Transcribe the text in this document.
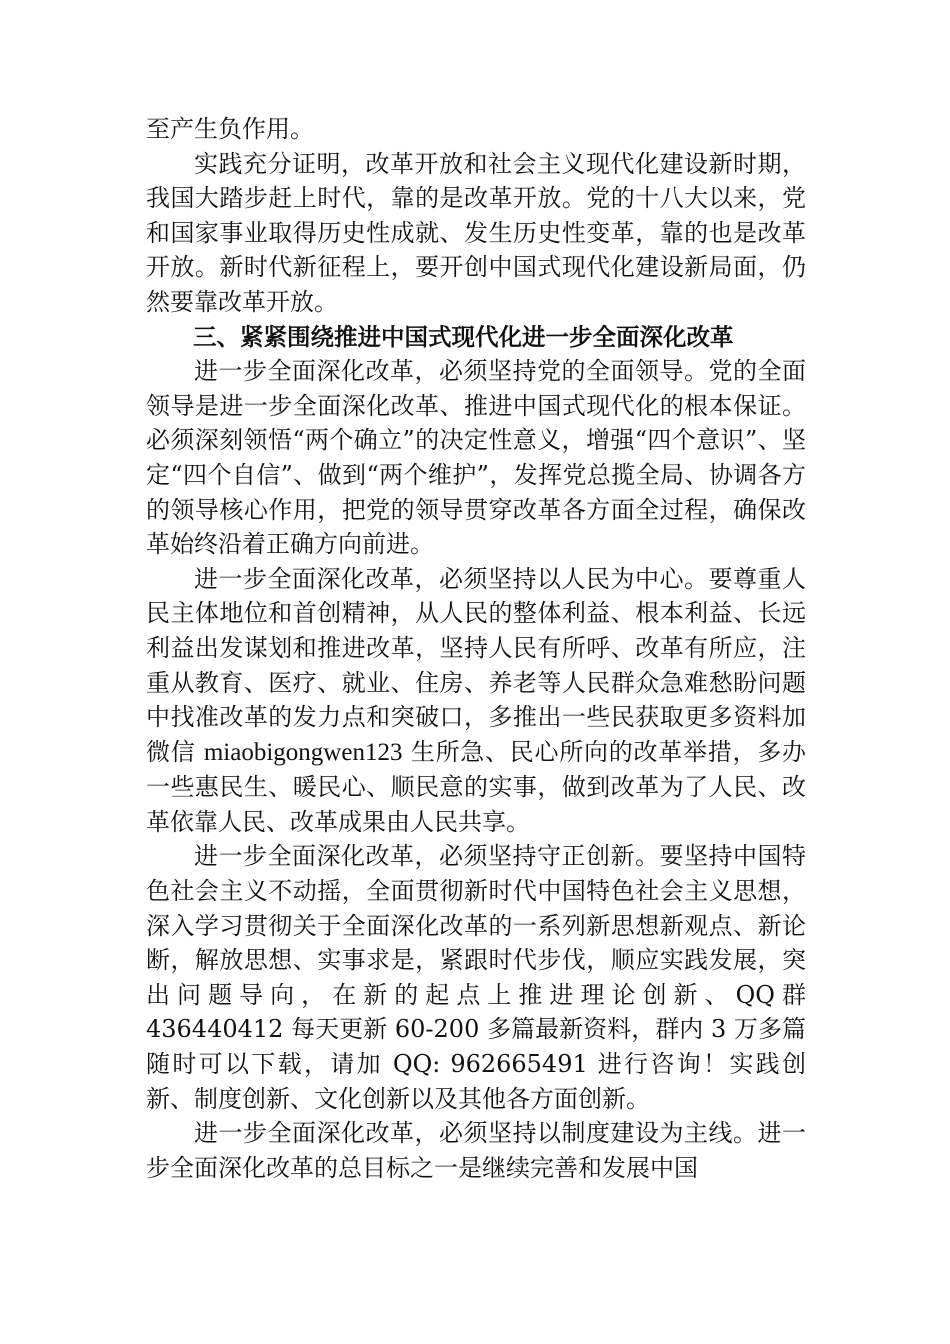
至产生负作用。

实践充分证明，改革开放和社会主义现代化建设新时期，我国大踏步赶上时代，靠的是改革开放。党的十八大以来，党和国家事业取得历史性成就、发生历史性变革，靠的也是改革开放。新时代新征程上，要开创中国式现代化建设新局面，仍然要靠改革开放。

三、紧紧围绕推进中国式现代化进一步全面深化改革

进一步全面深化改革，必须坚持党的全面领导。党的全面领导是进一步全面深化改革、推进中国式现代化的根本保证。必须深刻领悟“两个确立”的决定性意义，增强“四个意识”、坚定“四个自信”、做到“两个维护”，发挥党总揽全局、协调各方的领导核心作用，把党的领导贯穿改革各方面全过程，确保改革始终沿着正确方向前进。

进一步全面深化改革，必须坚持以人民为中心。要尊重人民主体地位和首创精神，从人民的整体利益、根本利益、长远利益出发谋划和推进改革，坚持人民有所呼、改革有所应，注重从教育、医疗、就业、住房、养老等人民群众急难愁盼问题中找准改革的发力点和突破口，多推出一些民获取更多资料加微信 miaobigongwen123 生所急、民心所向的改革举措，多办一些惠民生、暖民心、顺民意的实事，做到改革为了人民、改革依靠人民、改革成果由人民共享。

进一步全面深化改革，必须坚持守正创新。要坚持中国特色社会主义不动摇，全面贯彻新时代中国特色社会主义思想，深入学习贯彻关于全面深化改革的一系列新思想新观点、新论断，解放思想、实事求是，紧跟时代步伐，顺应实践发展，突出问题导向，在新的起点上推进理论创新、QQ群 436440412 每天更新 60-200 多篇最新资料，群内 3 万多篇随时可以下载，请加 QQ: 962665491 进行咨询！实践创新、制度创新、文化创新以及其他各方面创新。

进一步全面深化改革，必须坚持以制度建设为主线。进一步全面深化改革的总目标之一是继续完善和发展中国
